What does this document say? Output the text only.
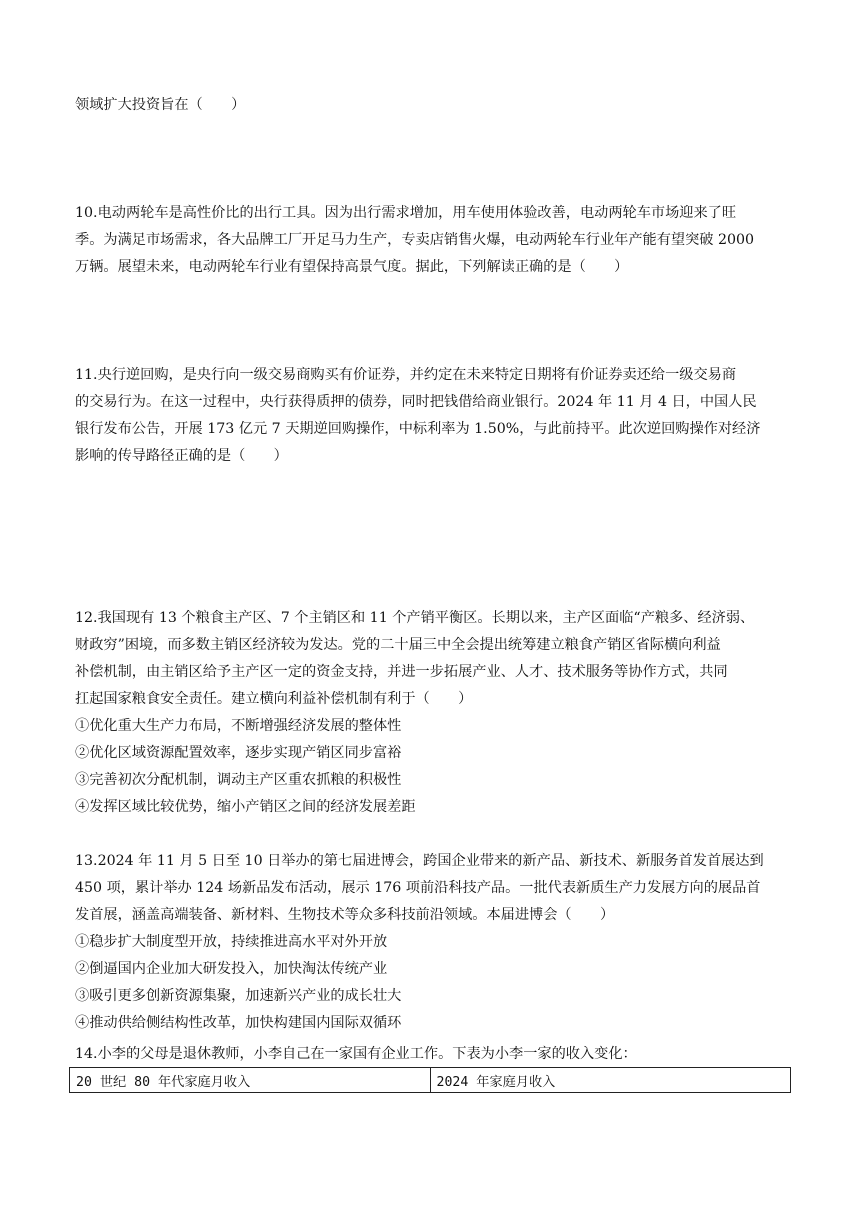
领域扩大投资旨在（　　）
10.电动两轮车是高性价比的出行工具。因为出行需求增加，用车使用体验改善，电动两轮车市场迎来了旺
季。为满足市场需求，各大品牌工厂开足马力生产，专卖店销售火爆，电动两轮车行业年产能有望突破 2000
万辆。展望未来，电动两轮车行业有望保持高景气度。据此，下列解读正确的是（　　）
11.央行逆回购，是央行向一级交易商购买有价证券，并约定在未来特定日期将有价证券卖还给一级交易商
的交易行为。在这一过程中，央行获得质押的债券，同时把钱借给商业银行。2024 年 11 月 4 日，中国人民
银行发布公告，开展 173 亿元 7 天期逆回购操作，中标利率为 1.50%，与此前持平。此次逆回购操作对经济
影响的传导路径正确的是（　　）
12.我国现有 13 个粮食主产区、7 个主销区和 11 个产销平衡区。长期以来，主产区面临“产粮多、经济弱、
财政穷”困境，而多数主销区经济较为发达。党的二十届三中全会提出统筹建立粮食产销区省际横向利益
补偿机制，由主销区给予主产区一定的资金支持，并进一步拓展产业、人才、技术服务等协作方式，共同
扛起国家粮食安全责任。建立横向利益补偿机制有利于（　　）
①优化重大生产力布局，不断增强经济发展的整体性
②优化区域资源配置效率，逐步实现产销区同步富裕
③完善初次分配机制，调动主产区重农抓粮的积极性
④发挥区域比较优势，缩小产销区之间的经济发展差距
13.2024 年 11 月 5 日至 10 日举办的第七届进博会，跨国企业带来的新产品、新技术、新服务首发首展达到
450 项，累计举办 124 场新品发布活动，展示 176 项前沿科技产品。一批代表新质生产力发展方向的展品首
发首展，涵盖高端装备、新材料、生物技术等众多科技前沿领域。本届进博会（　　）
①稳步扩大制度型开放，持续推进高水平对外开放
②倒逼国内企业加大研发投入，加快淘汰传统产业
③吸引更多创新资源集聚，加速新兴产业的成长壮大
④推动供给侧结构性改革，加快构建国内国际双循环
14.小李的父母是退休教师，小李自己在一家国有企业工作。下表为小李一家的收入变化：
20 世纪 80 年代家庭月收入	2024 年家庭月收入
